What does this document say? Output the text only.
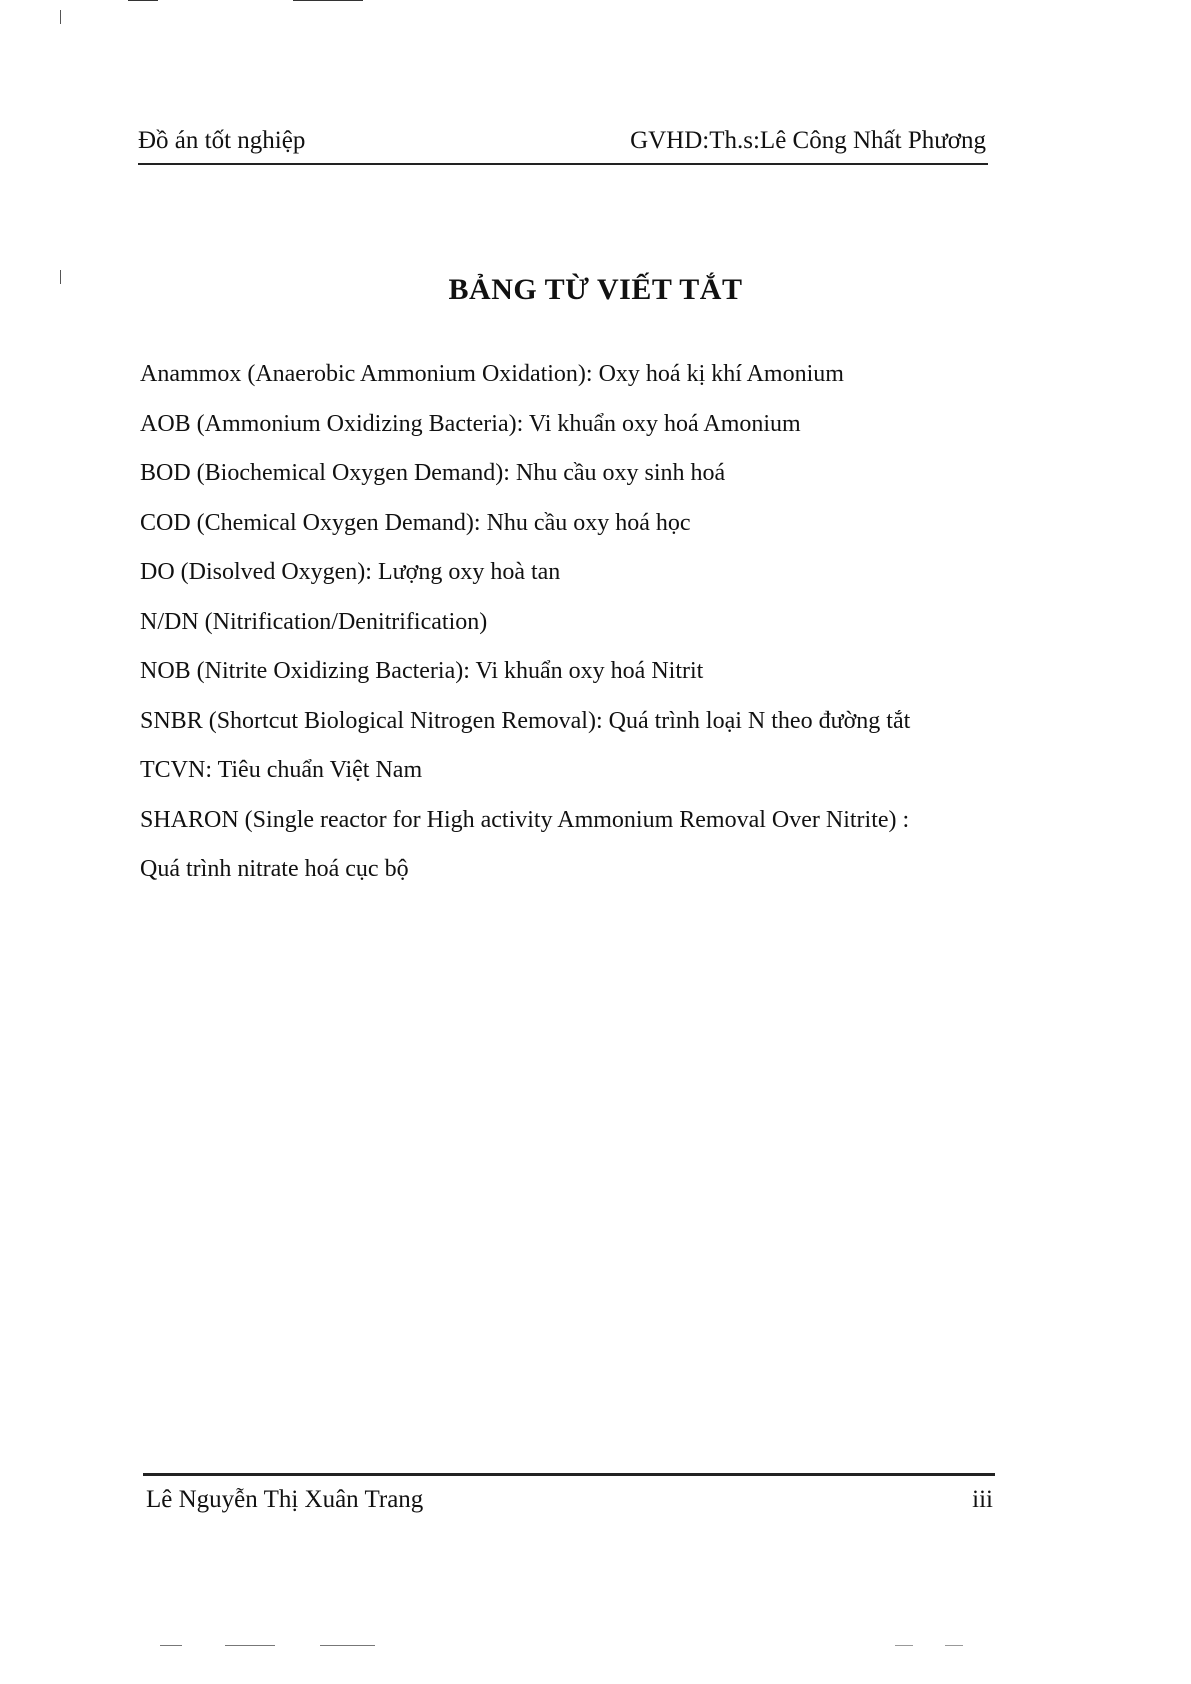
Đồ án tốt nghiệp	GVHD:Th.s:Lê Công Nhất Phương
BẢNG TỪ VIẾT TẮT
Anammox (Anaerobic Ammonium Oxidation): Oxy hoá kị khí Amonium
AOB (Ammonium Oxidizing Bacteria): Vi khuẩn oxy hoá Amonium
BOD (Biochemical Oxygen Demand): Nhu cầu oxy sinh hoá
COD (Chemical Oxygen Demand): Nhu cầu oxy hoá học
DO (Disolved Oxygen): Lượng oxy hoà tan
N/DN (Nitrification/Denitrification)
NOB (Nitrite Oxidizing Bacteria): Vi khuẩn oxy hoá Nitrit
SNBR (Shortcut Biological Nitrogen Removal): Quá trình loại N theo đường tắt
TCVN: Tiêu chuẩn Việt Nam
SHARON (Single reactor for High activity Ammonium Removal Over Nitrite) :
Quá trình nitrate hoá cục bộ
Lê Nguyễn Thị Xuân Trang	iii
